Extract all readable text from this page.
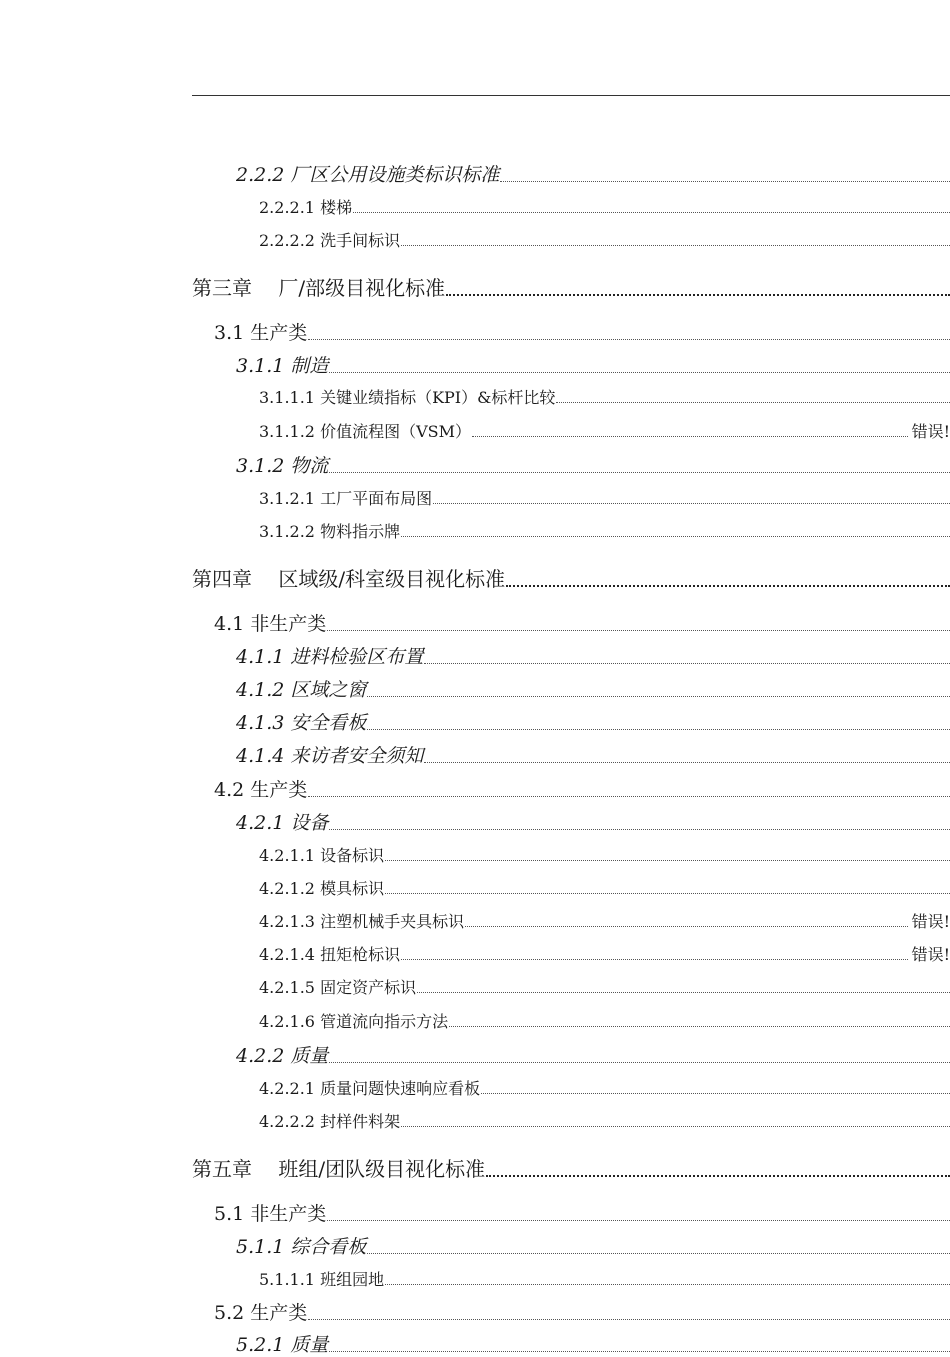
2.2.2 厂区公用设施类标识标准
2.2.2.1 楼梯
2.2.2.2 洗手间标识
第三章　 厂/部级目视化标准
3.1 生产类
3.1.1 制造
3.1.1.1 关键业绩指标（KPI）&标杆比较
3.1.1.2 价值流程图（VSM）	错误!
3.1.2 物流
3.1.2.1 工厂平面布局图
3.1.2.2 物料指示牌
第四章　 区域级/科室级目视化标准
4.1 非生产类
4.1.1 进料检验区布置
4.1.2 区域之窗
4.1.3 安全看板
4.1.4 来访者安全须知
4.2 生产类
4.2.1 设备
4.2.1.1 设备标识
4.2.1.2 模具标识
4.2.1.3 注塑机械手夹具标识	错误!
4.2.1.4 扭矩枪标识	错误!
4.2.1.5 固定资产标识
4.2.1.6 管道流向指示方法
4.2.2 质量
4.2.2.1 质量问题快速响应看板
4.2.2.2 封样件料架
第五章　 班组/团队级目视化标准
5.1 非生产类
5.1.1 综合看板
5.1.1.1 班组园地
5.2 生产类
5.2.1 质量
